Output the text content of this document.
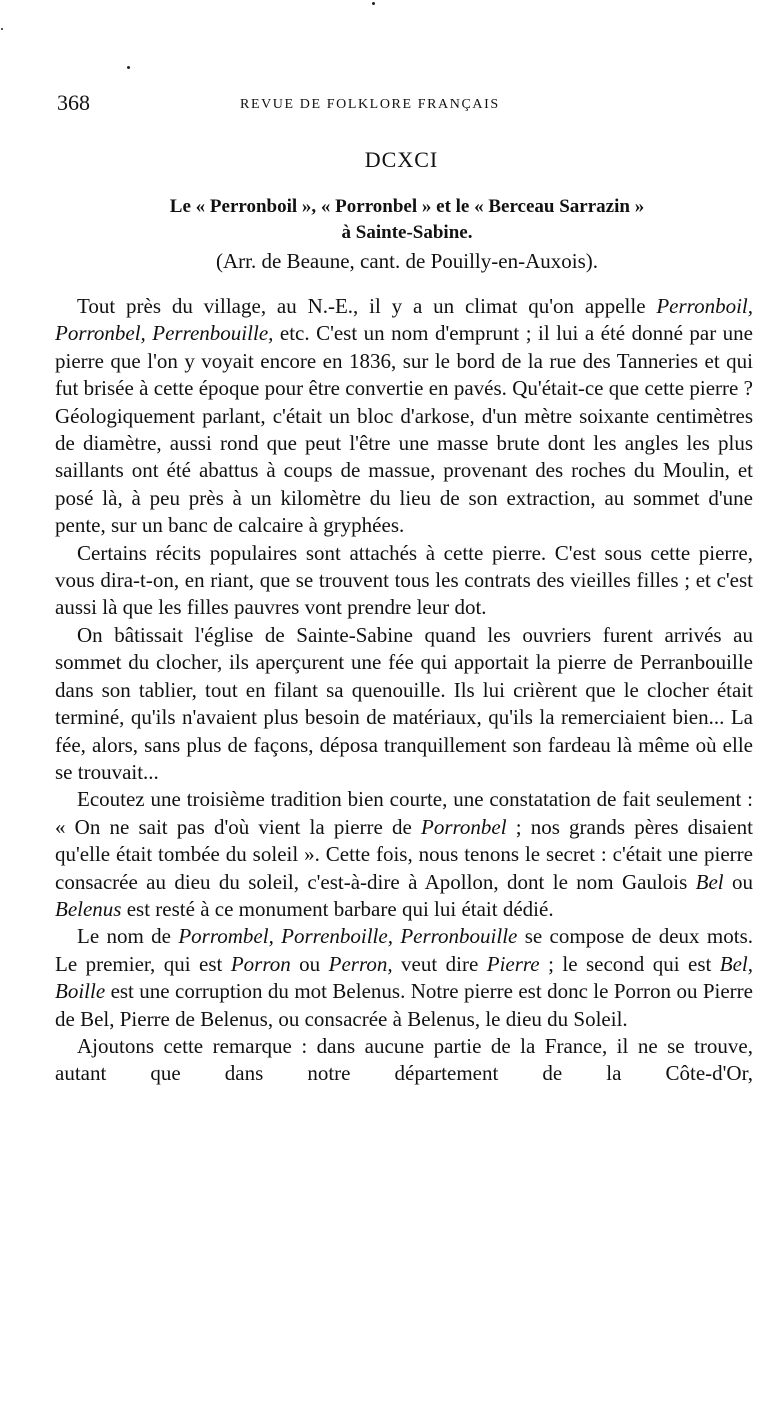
368	REVUE DE FOLKLORE FRANÇAIS
DCXCI
Le « Perronboil », « Porronbel » et le « Berceau Sarrazin »
à Sainte-Sabine.
(Arr. de Beaune, cant. de Pouilly-en-Auxois).

Tout près du village, au N.-E., il y a un climat qu'on appelle Perronboil, Porronbel, Perrenbouille, etc. C'est un nom d'emprunt ; il lui a été donné par une pierre que l'on y voyait encore en 1836, sur le bord de la rue des Tanneries et qui fut brisée à cette époque pour être convertie en pavés. Qu'était-ce que cette pierre ? Géologiquement parlant, c'était un bloc d'arkose, d'un mètre soixante centimètres de diamètre, aussi rond que peut l'être une masse brute dont les angles les plus saillants ont été abattus à coups de massue, provenant des roches du Moulin, et posé là, à peu près à un kilomètre du lieu de son extraction, au sommet d'une pente, sur un banc de calcaire à gryphées.

Certains récits populaires sont attachés à cette pierre. C'est sous cette pierre, vous dira-t-on, en riant, que se trouvent tous les contrats des vieilles filles ; et c'est aussi là que les filles pauvres vont prendre leur dot.

On bâtissait l'église de Sainte-Sabine quand les ouvriers furent arrivés au sommet du clocher, ils aperçurent une fée qui apportait la pierre de Perranbouille dans son tablier, tout en filant sa quenouille. Ils lui crièrent que le clocher était terminé, qu'ils n'avaient plus besoin de matériaux, qu'ils la remerciaient bien... La fée, alors, sans plus de façons, déposa tranquillement son fardeau là même où elle se trouvait...

Ecoutez une troisième tradition bien courte, une constatation de fait seulement : « On ne sait pas d'où vient la pierre de Porronbel ; nos grands pères disaient qu'elle était tombée du soleil ». Cette fois, nous tenons le secret : c'était une pierre consacrée au dieu du soleil, c'est-à-dire à Apollon, dont le nom Gaulois Bel ou Belenus est resté à ce monument barbare qui lui était dédié.

Le nom de Porrombel, Porrenboille, Perronbouille se compose de deux mots. Le premier, qui est Porron ou Perron, veut dire Pierre ; le second qui est Bel, Boille est une corruption du mot Belenus. Notre pierre est donc le Porron ou Pierre de Bel, Pierre de Belenus, ou consacrée à Belenus, le dieu du Soleil.

Ajoutons cette remarque : dans aucune partie de la France, il ne se trouve, autant que dans notre département de la Côte-d'Or,
